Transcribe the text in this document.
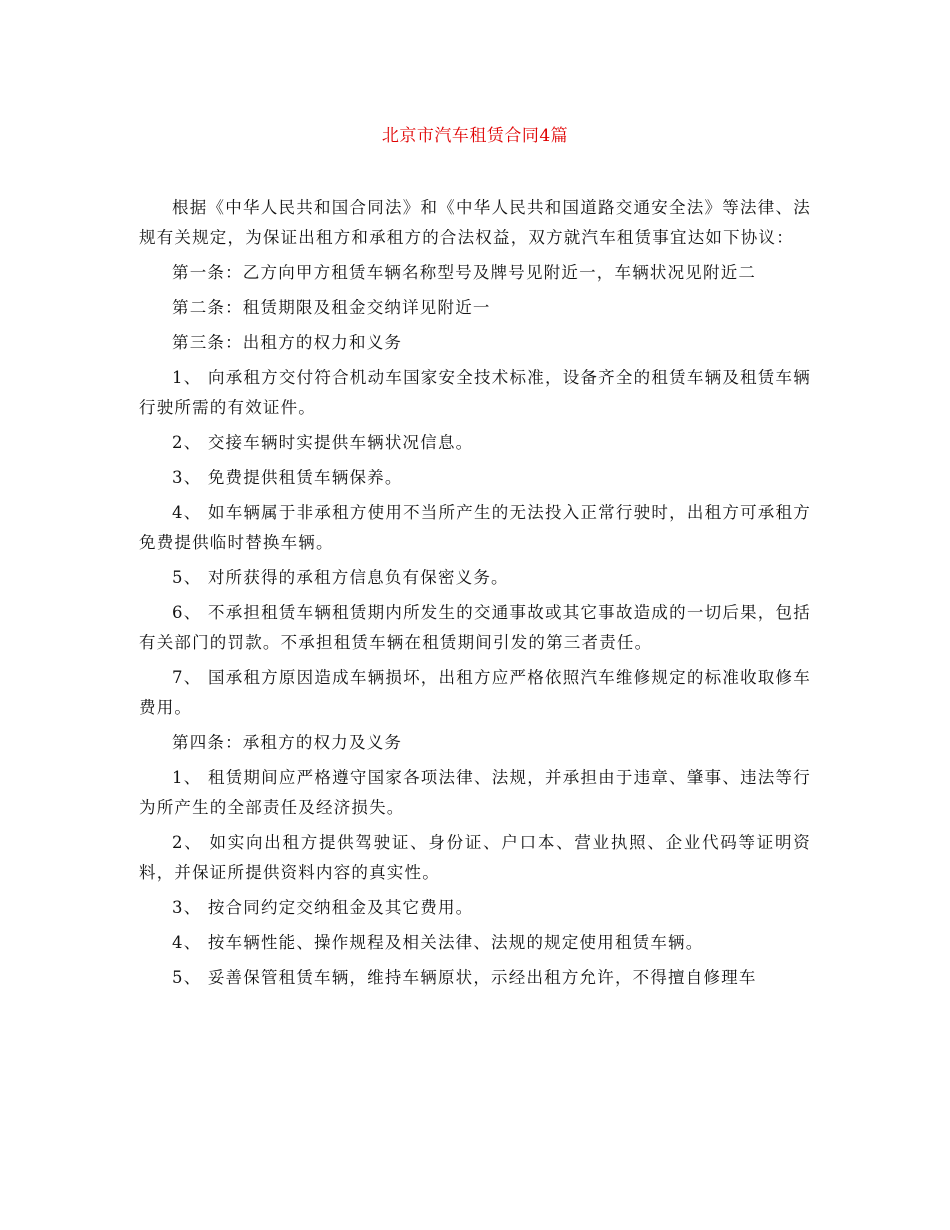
北京市汽车租赁合同4篇

根据《中华人民共和国合同法》和《中华人民共和国道路交通安全法》等法律、法规有关规定，为保证出租方和承租方的合法权益，双方就汽车租赁事宜达如下协议：

第一条：乙方向甲方租赁车辆名称型号及牌号见附近一，车辆状况见附近二

第二条：租赁期限及租金交纳详见附近一

第三条：出租方的权力和义务

1、 向承租方交付符合机动车国家安全技术标准，设备齐全的租赁车辆及租赁车辆行驶所需的有效证件。

2、 交接车辆时实提供车辆状况信息。

3、 免费提供租赁车辆保养。

4、 如车辆属于非承租方使用不当所产生的无法投入正常行驶时，出租方可承租方免费提供临时替换车辆。

5、 对所获得的承租方信息负有保密义务。

6、 不承担租赁车辆租赁期内所发生的交通事故或其它事故造成的一切后果，包括有关部门的罚款。不承担租赁车辆在租赁期间引发的第三者责任。

7、 国承租方原因造成车辆损坏，出租方应严格依照汽车维修规定的标准收取修车费用。

第四条：承租方的权力及义务

1、 租赁期间应严格遵守国家各项法律、法规，并承担由于违章、肇事、违法等行为所产生的全部责任及经济损失。

2、 如实向出租方提供驾驶证、身份证、户口本、营业执照、企业代码等证明资料，并保证所提供资料内容的真实性。

3、 按合同约定交纳租金及其它费用。

4、 按车辆性能、操作规程及相关法律、法规的规定使用租赁车辆。

5、 妥善保管租赁车辆，维持车辆原状，示经出租方允许，不得擅自修理车
